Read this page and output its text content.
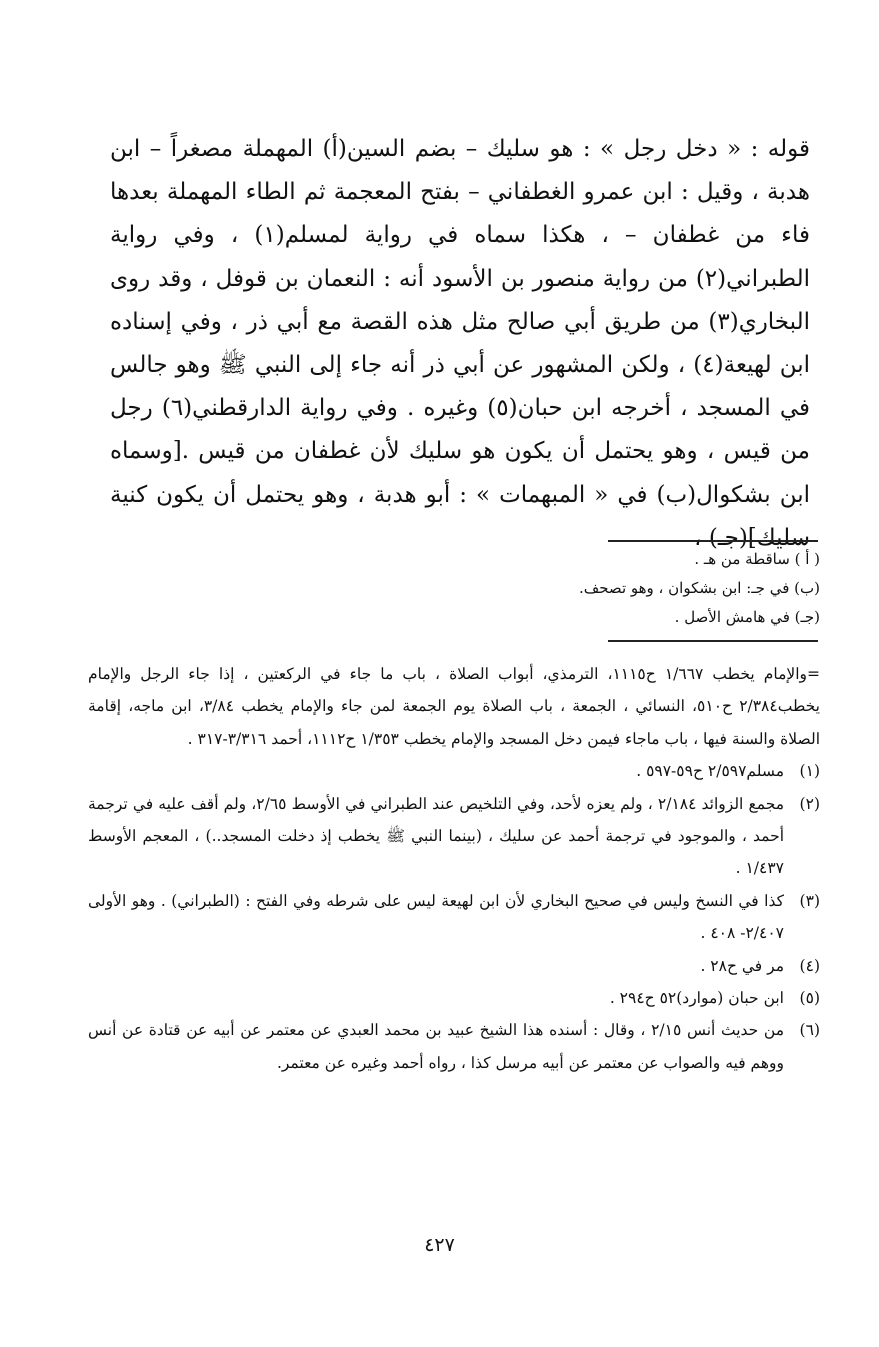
قوله : « دخل رجل » : هو سليك – بضم السين(أ) المهملة مصغراً – ابن هدبة ، وقيل : ابن عمرو الغطفاني – بفتح المعجمة ثم الطاء المهملة بعدها فاء من غطفان – ، هكذا سماه في رواية لمسلم(١) ، وفي رواية الطبراني(٢) من رواية منصور بن الأسود أنه : النعمان بن قوفل ، وقد روى البخاري(٣) من طريق أبي صالح مثل هذه القصة مع أبي ذر ، وفي إسناده ابن لهيعة(٤) ، ولكن المشهور عن أبي ذر أنه جاء إلى النبي ﷺ وهو جالس في المسجد ، أخرجه ابن حبان(٥) وغيره . وفي رواية الدارقطني(٦) رجل من قيس ، وهو يحتمل أن يكون هو سليك لأن غطفان من قيس .[وسماه ابن بشكوال(ب) في « المبهمات » : أبو هدبة ، وهو يحتمل أن يكون كنية سليك](جـ) ،

( أ ) ساقطة من هـ .
(ب) في جـ: ابن بشكوان ، وهو تصحف.
(جـ) في هامش الأصل .
=والإمام يخطب ١/٦٦٧ ح١١١٥، الترمذي، أبواب الصلاة ، باب ما جاء في الركعتين ، إذا جاء الرجل والإمام يخطب٢/٣٨٤ ح٥١٠، النسائي ، الجمعة ، باب الصلاة يوم الجمعة لمن جاء والإمام يخطب ٣/٨٤، ابن ماجه، إقامة الصلاة والسنة فيها ، باب ماجاء فيمن دخل المسجد والإمام يخطب ١/٣٥٣ ح١١١٢، أحمد ٣/٣١٦-٣١٧ .
(١)
مسلم٢/٥٩٧ ح٥٩-٥٩٧ .
(٢)
مجمع الزوائد ٢/١٨٤ ، ولم يعزه لأحد، وفي التلخيص عند الطبراني في الأوسط ٢/٦٥، ولم أقف عليه في ترجمة أحمد ، والموجود في ترجمة أحمد عن سليك ، (بينما النبي ﷺ يخطب إذ دخلت المسجد..) ، المعجم الأوسط ١/٤٣٧ .
(٣)
كذا في النسخ وليس في صحيح البخاري لأن ابن لهيعة ليس على شرطه وفي الفتح : (الطبراني) . وهو الأولى ٢/٤٠٧- ٤٠٨ .
(٤)
مر في ح٢٨ .
(٥)
ابن حبان (موارد)٥٢ ح٢٩٤ .
(٦)
من حديث أنس ٢/١٥ ، وقال : أسنده هذا الشيخ عبيد بن محمد العبدي عن معتمر عن أبيه عن قتادة عن أنس ووهم فيه والصواب عن معتمر عن أبيه مرسل كذا ، رواه أحمد وغيره عن معتمر.
٤٢٧
